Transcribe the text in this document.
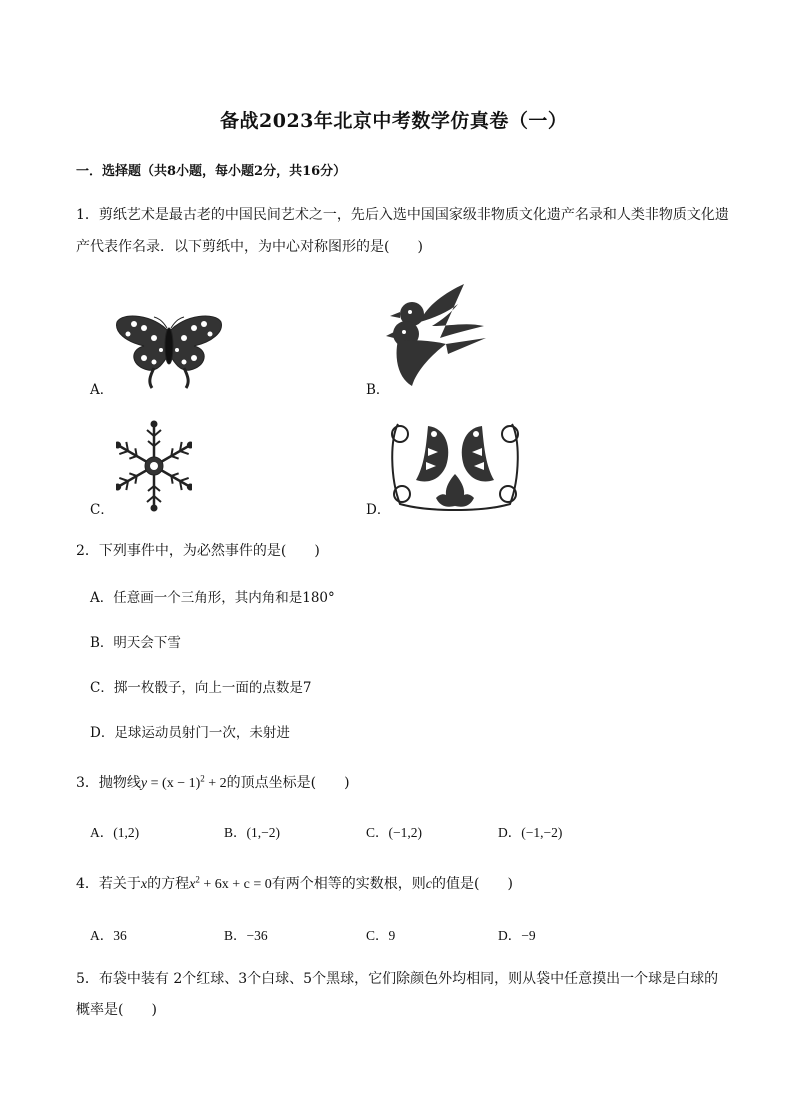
备战2023年北京中考数学仿真卷（一）
一．选择题（共8小题，每小题2分，共16分）
1．剪纸艺术是最古老的中国民间艺术之一，先后入选中国国家级非物质文化遗产名录和人类非物质文化遗
产代表作名录．以下剪纸中，为中心对称图形的是(　　)
A．	B．
C．	D．
2．下列事件中，为必然事件的是(　　)
A．任意画一个三角形，其内角和是180°
B．明天会下雪
C．掷一枚骰子，向上一面的点数是7
D．足球运动员射门一次，未射进
3．抛物线$y = (x - 1)^2 + 2$的顶点坐标是(　　)
A．(1,2)	B．(1,−2)	C．(−1,2)	D．(−1,−2)
4．若关于x的方程$x^2 + 6x + c = 0$有两个相等的实数根，则c的值是(　　)
A．36	B．−36	C．9	D．−9
5．布袋中装有 2个红球、3个白球、5个黑球，它们除颜色外均相同，则从袋中任意摸出一个球是白球的
概率是(　　)
